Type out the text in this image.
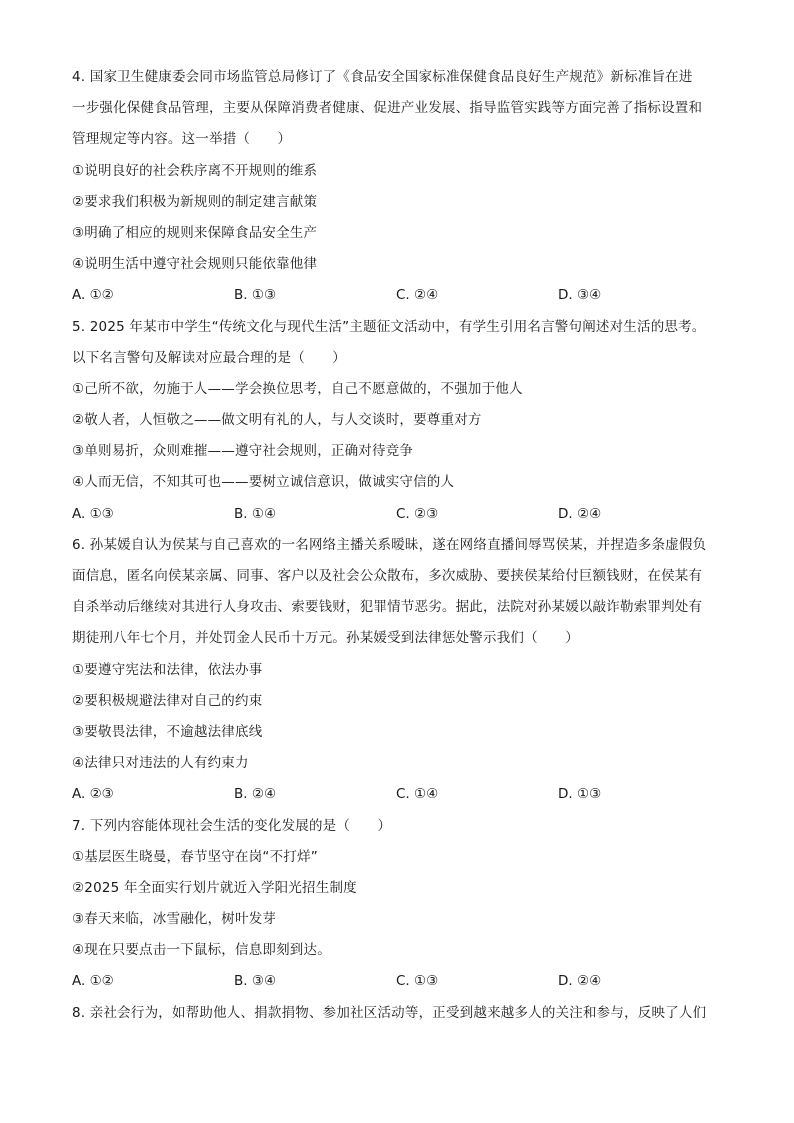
4. 国家卫生健康委会同市场监管总局修订了《食品安全国家标准保健食品良好生产规范》新标准旨在进
一步强化保健食品管理，主要从保障消费者健康、促进产业发展、指导监管实践等方面完善了指标设置和
管理规定等内容。这一举措（　　）
①说明良好的社会秩序离不开规则的维系
②要求我们积极为新规则的制定建言献策
③明确了相应的规则来保障食品安全生产
④说明生活中遵守社会规则只能依靠他律
A. ①②	B. ①③	C. ②④	D. ③④
5. 2025 年某市中学生“传统文化与现代生活”主题征文活动中，有学生引用名言警句阐述对生活的思考。
以下名言警句及解读对应最合理的是（　　）
①己所不欲，勿施于人——学会换位思考，自己不愿意做的，不强加于他人
②敬人者，人恒敬之——做文明有礼的人，与人交谈时，要尊重对方
③单则易折，众则难摧——遵守社会规则，正确对待竞争
④人而无信，不知其可也——要树立诚信意识，做诚实守信的人
A. ①③	B. ①④	C. ②③	D. ②④
6. 孙某媛自认为侯某与自己喜欢的一名网络主播关系暧昧，遂在网络直播间辱骂侯某，并捏造多条虚假负
面信息，匿名向侯某亲属、同事、客户以及社会公众散布，多次威胁、要挟侯某给付巨额钱财，在侯某有
自杀举动后继续对其进行人身攻击、索要钱财，犯罪情节恶劣。据此，法院对孙某媛以敲诈勒索罪判处有
期徒刑八年七个月，并处罚金人民币十万元。孙某媛受到法律惩处警示我们（　　）
①要遵守宪法和法律，依法办事
②要积极规避法律对自己的约束
③要敬畏法律，不逾越法律底线
④法律只对违法的人有约束力
A. ②③	B. ②④	C. ①④	D. ①③
7. 下列内容能体现社会生活的变化发展的是（　　）
①基层医生晓曼，春节坚守在岗“不打烊”
②2025 年全面实行划片就近入学阳光招生制度
③春天来临，冰雪融化，树叶发芽
④现在只要点击一下鼠标，信息即刻到达。
A. ①②	B. ③④	C. ①③	D. ②④
8. 亲社会行为，如帮助他人、捐款捐物、参加社区活动等，正受到越来越多人的关注和参与，反映了人们
